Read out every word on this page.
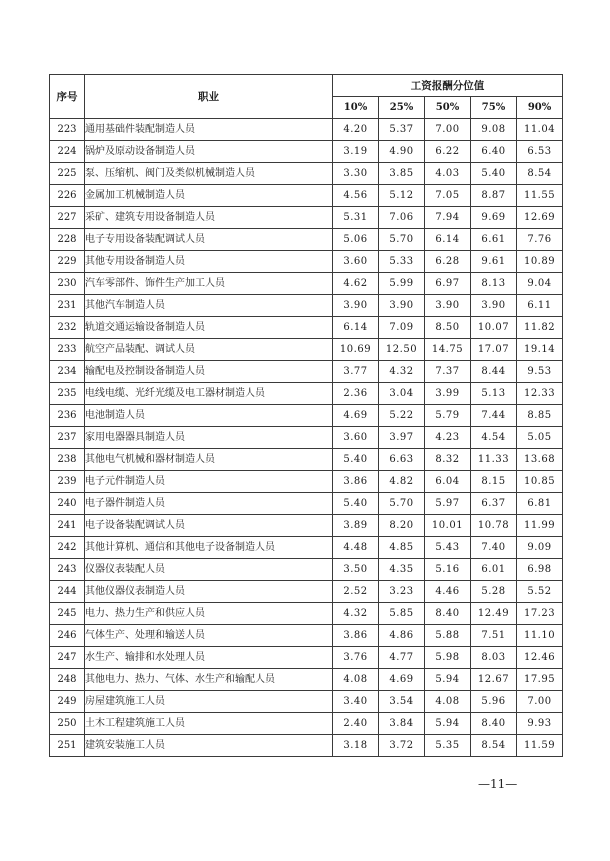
序号	职业	工资报酬分位值				
		10%	25%	50%	75%	90%
223	通用基础件装配制造人员	4.20	5.37	7.00	9.08	11.04
224	锅炉及原动设备制造人员	3.19	4.90	6.22	6.40	6.53
225	泵、压缩机、阀门及类似机械制造人员	3.30	3.85	4.03	5.40	8.54
226	金属加工机械制造人员	4.56	5.12	7.05	8.87	11.55
227	采矿、建筑专用设备制造人员	5.31	7.06	7.94	9.69	12.69
228	电子专用设备装配调试人员	5.06	5.70	6.14	6.61	7.76
229	其他专用设备制造人员	3.60	5.33	6.28	9.61	10.89
230	汽车零部件、饰件生产加工人员	4.62	5.99	6.97	8.13	9.04
231	其他汽车制造人员	3.90	3.90	3.90	3.90	6.11
232	轨道交通运输设备制造人员	6.14	7.09	8.50	10.07	11.82
233	航空产品装配、调试人员	10.69	12.50	14.75	17.07	19.14
234	输配电及控制设备制造人员	3.77	4.32	7.37	8.44	9.53
235	电线电缆、光纤光缆及电工器材制造人员	2.36	3.04	3.99	5.13	12.33
236	电池制造人员	4.69	5.22	5.79	7.44	8.85
237	家用电器器具制造人员	3.60	3.97	4.23	4.54	5.05
238	其他电气机械和器材制造人员	5.40	6.63	8.32	11.33	13.68
239	电子元件制造人员	3.86	4.82	6.04	8.15	10.85
240	电子器件制造人员	5.40	5.70	5.97	6.37	6.81
241	电子设备装配调试人员	3.89	8.20	10.01	10.78	11.99
242	其他计算机、通信和其他电子设备制造人员	4.48	4.85	5.43	7.40	9.09
243	仪器仪表装配人员	3.50	4.35	5.16	6.01	6.98
244	其他仪器仪表制造人员	2.52	3.23	4.46	5.28	5.52
245	电力、热力生产和供应人员	4.32	5.85	8.40	12.49	17.23
246	气体生产、处理和输送人员	3.86	4.86	5.88	7.51	11.10
247	水生产、输排和水处理人员	3.76	4.77	5.98	8.03	12.46
248	其他电力、热力、气体、水生产和输配人员	4.08	4.69	5.94	12.67	17.95
249	房屋建筑施工人员	3.40	3.54	4.08	5.96	7.00
250	土木工程建筑施工人员	2.40	3.84	5.94	8.40	9.93
251	建筑安装施工人员	3.18	3.72	5.35	8.54	11.59
—11—
